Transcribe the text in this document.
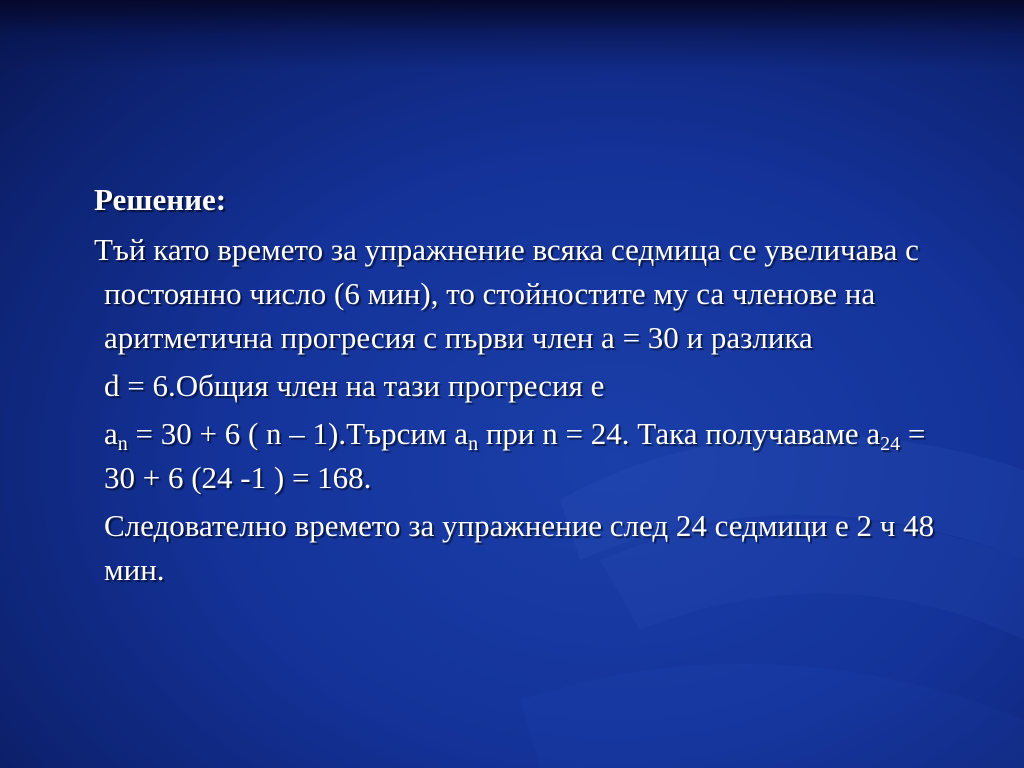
Решение:
Тъй като времето за упражнение всяка седмица се увеличава с постоянно число (6 мин), то стойностите му са членове на аритметична прогресия с първи член а = 30 и разлика
d = 6.Общия член на тази прогресия е
$a_n = 30 + 6$ ( n – 1).Търсим $a_n$ при n = 24. Така получаваме $a_{24} = 30 + 6$ (24 -1 ) = 168.
Следователно времето за упражнение след 24 седмици е 2 ч 48 мин.
